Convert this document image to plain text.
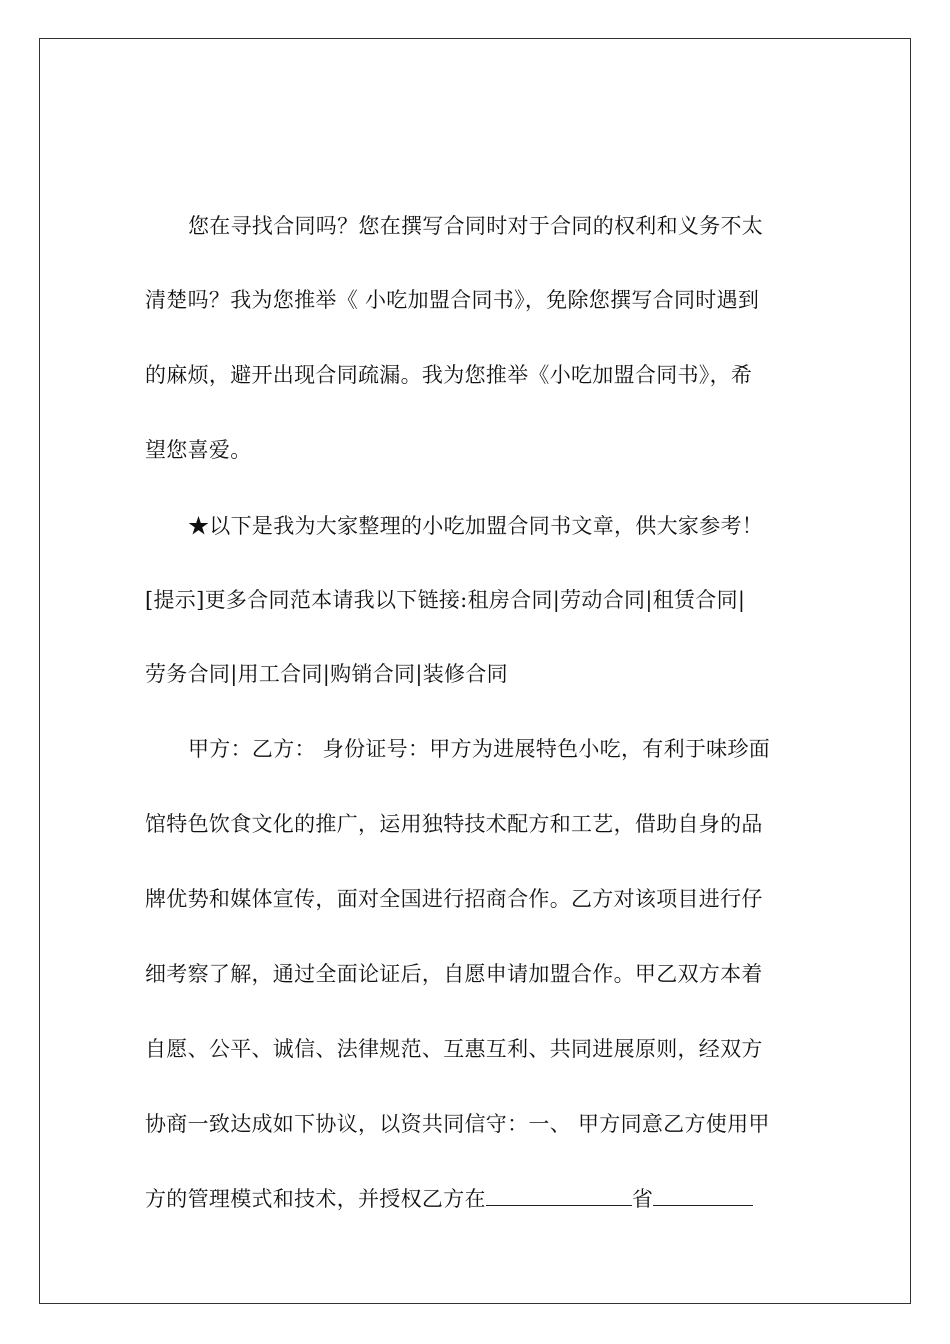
您在寻找合同吗？您在撰写合同时对于合同的权利和义务不太
清楚吗？我为您推举《 小吃加盟合同书》，免除您撰写合同时遇到
的麻烦，避开出现合同疏漏。我为您推举《小吃加盟合同书》，希
望您喜爱。
★以下是我为大家整理的小吃加盟合同书文章，供大家参考！
[提示]更多合同范本请我以下链接:租房合同|劳动合同|租赁合同|
劳务合同|用工合同|购销合同|装修合同
甲方：乙方： 身份证号：甲方为进展特色小吃，有利于味珍面
馆特色饮食文化的推广，运用独特技术配方和工艺，借助自身的品
牌优势和媒体宣传，面对全国进行招商合作。乙方对该项目进行仔
细考察了解，通过全面论证后，自愿申请加盟合作。甲乙双方本着
自愿、公平、诚信、法律规范、互惠互利、共同进展原则，经双方
协商一致达成如下协议，以资共同信守：一、 甲方同意乙方使用甲
方的管理模式和技术，并授权乙方在	省
